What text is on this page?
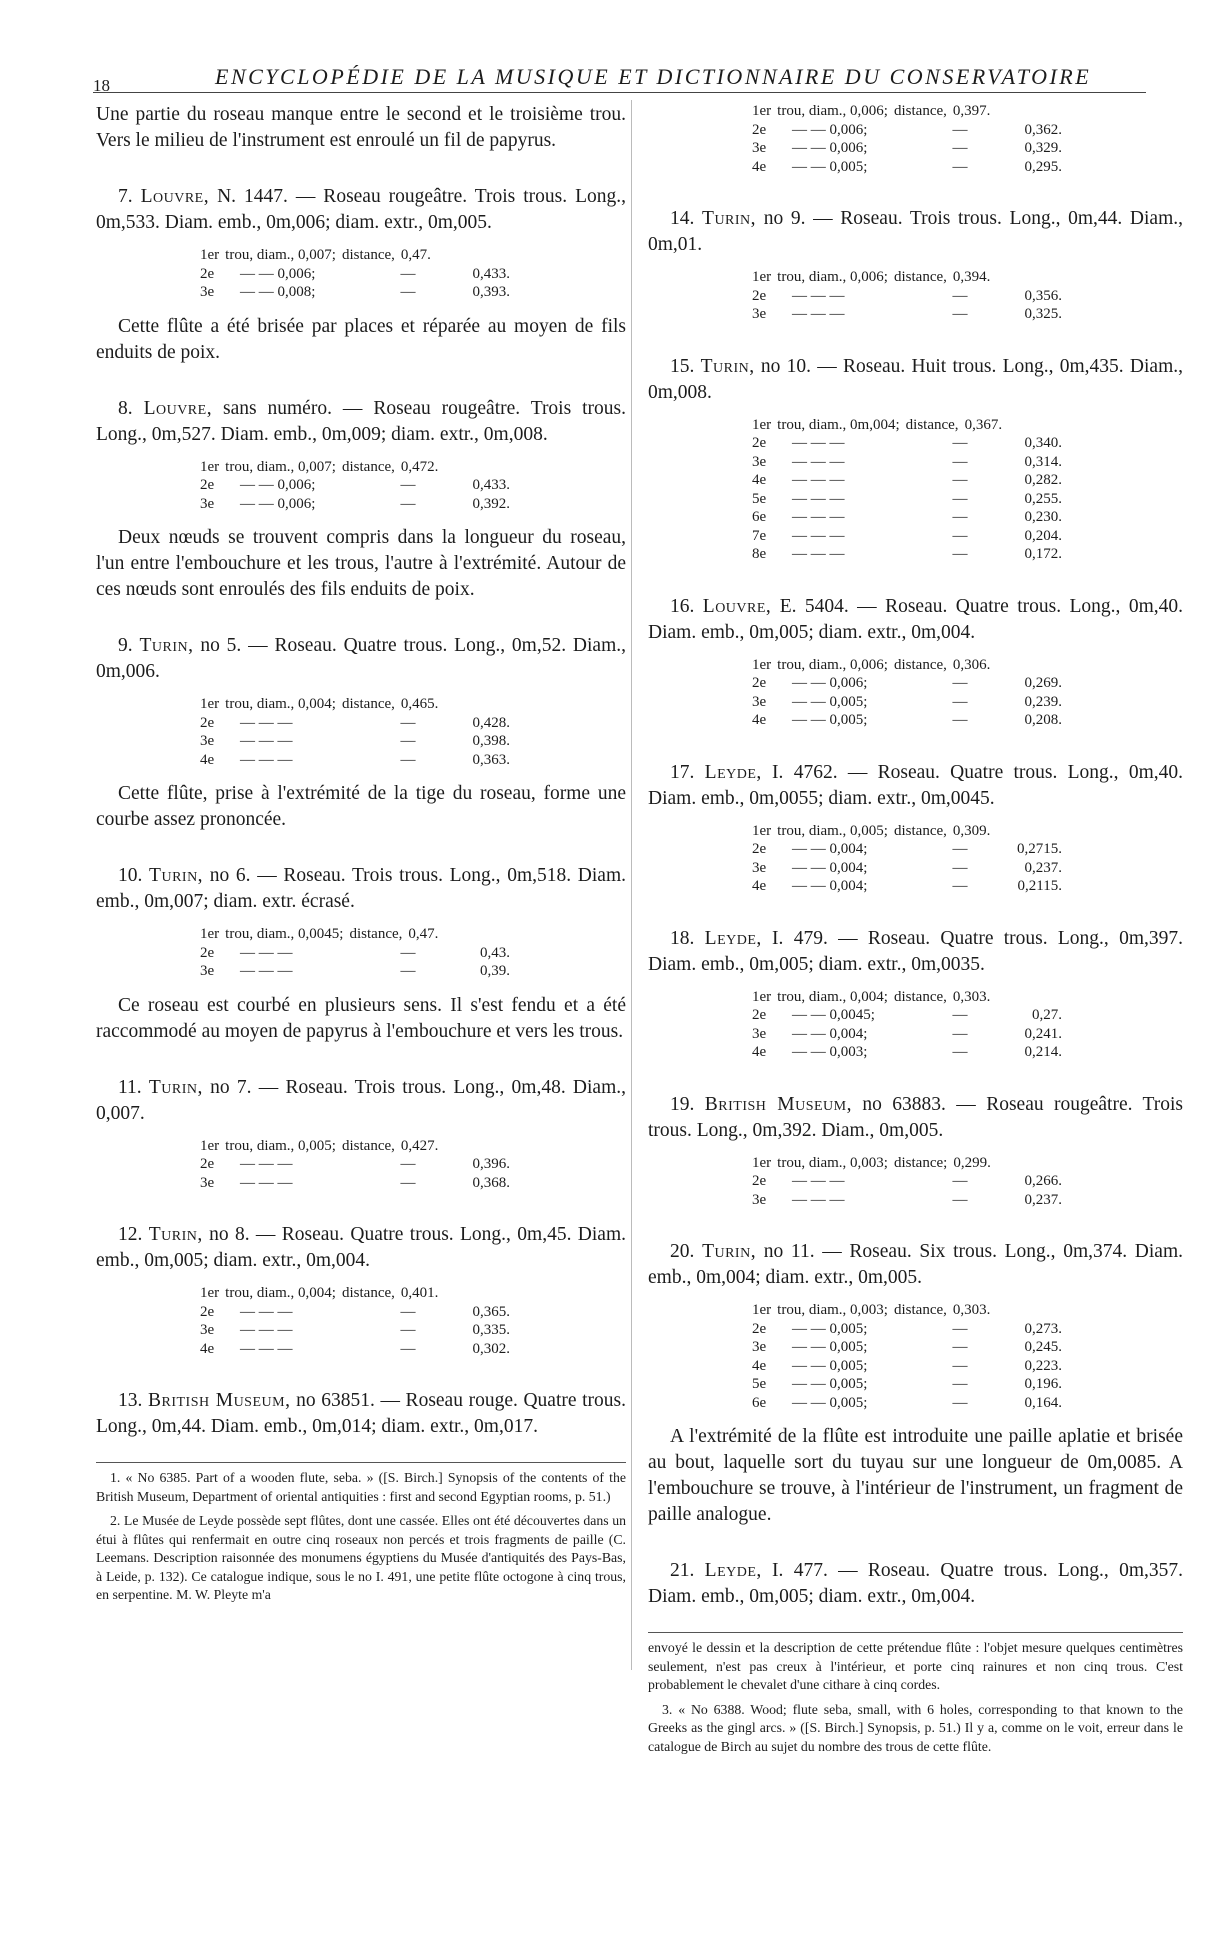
18	ENCYCLOPÉDIE DE LA MUSIQUE ET DICTIONNAIRE DU CONSERVATOIRE

Une partie du roseau manque entre le second et le troisième trou. Vers le milieu de l'instrument est enroulé un fil de papyrus.

7. Louvre, N. 1447. — Roseau rougeâtre. Trois trous. Long., 0m,533. Diam. emb., 0m,006; diam. extr., 0m,005.

1er trou, diam., 0,007; distance, 0,47.
2e	— — 0,006;	—	0,433.
3e	— — 0,008;	—	0,393.

Cette flûte a été brisée par places et réparée au moyen de fils enduits de poix.

8. Louvre, sans numéro. — Roseau rougeâtre. Trois trous. Long., 0m,527. Diam. emb., 0m,009; diam. extr., 0m,008.

1er trou, diam., 0,007; distance, 0,472.
2e	— — 0,006;	—	0,433.
3e	— — 0,006;	—	0,392.

Deux nœuds se trouvent compris dans la longueur du roseau, l'un entre l'embouchure et les trous, l'autre à l'extrémité. Autour de ces nœuds sont enroulés des fils enduits de poix.

9. Turin, no 5. — Roseau. Quatre trous. Long., 0m,52. Diam., 0m,006.

1er trou, diam., 0,004; distance, 0,465.
2e	— — —	—	0,428.
3e	— — —	—	0,398.
4e	— — —	—	0,363.

Cette flûte, prise à l'extrémité de la tige du roseau, forme une courbe assez prononcée.

10. Turin, no 6. — Roseau. Trois trous. Long., 0m,518. Diam. emb., 0m,007; diam. extr. écrasé.

1er trou, diam., 0,0045; distance, 0,47.
2e	— — —	—	0,43.
3e	— — —	—	0,39.

Ce roseau est courbé en plusieurs sens. Il s'est fendu et a été raccommodé au moyen de papyrus à l'embouchure et vers les trous.

11. Turin, no 7. — Roseau. Trois trous. Long., 0m,48. Diam., 0,007.

1er trou, diam., 0,005; distance, 0,427.
2e	— — —	—	0,396.
3e	— — —	—	0,368.

12. Turin, no 8. — Roseau. Quatre trous. Long., 0m,45. Diam. emb., 0m,005; diam. extr., 0m,004.

1er trou, diam., 0,004; distance, 0,401.
2e	— — —	—	0,365.
3e	— — —	—	0,335.
4e	— — —	—	0,302.

13. British Museum, no 63851. — Roseau rouge. Quatre trous. Long., 0m,44. Diam. emb., 0m,014; diam. extr., 0m,017.

1. « No 6385. Part of a wooden flute, seba. » ([S. Birch.] Synopsis of the contents of the British Museum, Department of oriental antiquities : first and second Egyptian rooms, p. 51.)

2. Le Musée de Leyde possède sept flûtes, dont une cassée. Elles ont été découvertes dans un étui à flûtes qui renfermait en outre cinq roseaux non percés et trois fragments de paille (C. Leemans. Description raisonnée des monumens égyptiens du Musée d'antiquités des Pays-Bas, à Leide, p. 132). Ce catalogue indique, sous le no I. 491, une petite flûte octogone à cinq trous, en serpentine. M. W. Pleyte m'a

1er trou, diam., 0,006; distance, 0,397.
2e	— — 0,006;	—	0,362.
3e	— — 0,006;	—	0,329.
4e	— — 0,005;	—	0,295.

14. Turin, no 9. — Roseau. Trois trous. Long., 0m,44. Diam., 0m,01.

1er trou, diam., 0,006; distance, 0,394.
2e	— — —	—	0,356.
3e	— — —	—	0,325.

15. Turin, no 10. — Roseau. Huit trous. Long., 0m,435. Diam., 0m,008.

1er trou, diam., 0m,004; distance, 0,367.
2e	— — —	—	0,340.
3e	— — —	—	0,314.
4e	— — —	—	0,282.
5e	— — —	—	0,255.
6e	— — —	—	0,230.
7e	— — —	—	0,204.
8e	— — —	—	0,172.

16. Louvre, E. 5404. — Roseau. Quatre trous. Long., 0m,40. Diam. emb., 0m,005; diam. extr., 0m,004.

1er trou, diam., 0,006; distance, 0,306.
2e	— — 0,006;	—	0,269.
3e	— — 0,005;	—	0,239.
4e	— — 0,005;	—	0,208.

17. Leyde, I. 4762. — Roseau. Quatre trous. Long., 0m,40. Diam. emb., 0m,0055; diam. extr., 0m,0045.

1er trou, diam., 0,005; distance, 0,309.
2e	— — 0,004;	—	0,2715.
3e	— — 0,004;	—	0,237.
4e	— — 0,004;	—	0,2115.

18. Leyde, I. 479. — Roseau. Quatre trous. Long., 0m,397. Diam. emb., 0m,005; diam. extr., 0m,0035.

1er trou, diam., 0,004; distance, 0,303.
2e	— — 0,0045;	—	0,27.
3e	— — 0,004;	—	0,241.
4e	— — 0,003;	—	0,214.

19. British Museum, no 63883. — Roseau rougeâtre. Trois trous. Long., 0m,392. Diam., 0m,005.

1er trou, diam., 0,003; distance; 0,299.
2e	— — —	—	0,266.
3e	— — —	—	0,237.

20. Turin, no 11. — Roseau. Six trous. Long., 0m,374. Diam. emb., 0m,004; diam. extr., 0m,005.

1er trou, diam., 0,003; distance, 0,303.
2e	— — 0,005;	—	0,273.
3e	— — 0,005;	—	0,245.
4e	— — 0,005;	—	0,223.
5e	— — 0,005;	—	0,196.
6e	— — 0,005;	—	0,164.

A l'extrémité de la flûte est introduite une paille aplatie et brisée au bout, laquelle sort du tuyau sur une longueur de 0m,0085. A l'embouchure se trouve, à l'intérieur de l'instrument, un fragment de paille analogue.

21. Leyde, I. 477. — Roseau. Quatre trous. Long., 0m,357. Diam. emb., 0m,005; diam. extr., 0m,004.

envoyé le dessin et la description de cette prétendue flûte : l'objet mesure quelques centimètres seulement, n'est pas creux à l'intérieur, et porte cinq rainures et non cinq trous. C'est probablement le chevalet d'une cithare à cinq cordes.

3. « No 6388. Wood; flute seba, small, with 6 holes, corresponding to that known to the Greeks as the gingl arcs. » ([S. Birch.] Synopsis, p. 51.) Il y a, comme on le voit, erreur dans le catalogue de Birch au sujet du nombre des trous de cette flûte.
